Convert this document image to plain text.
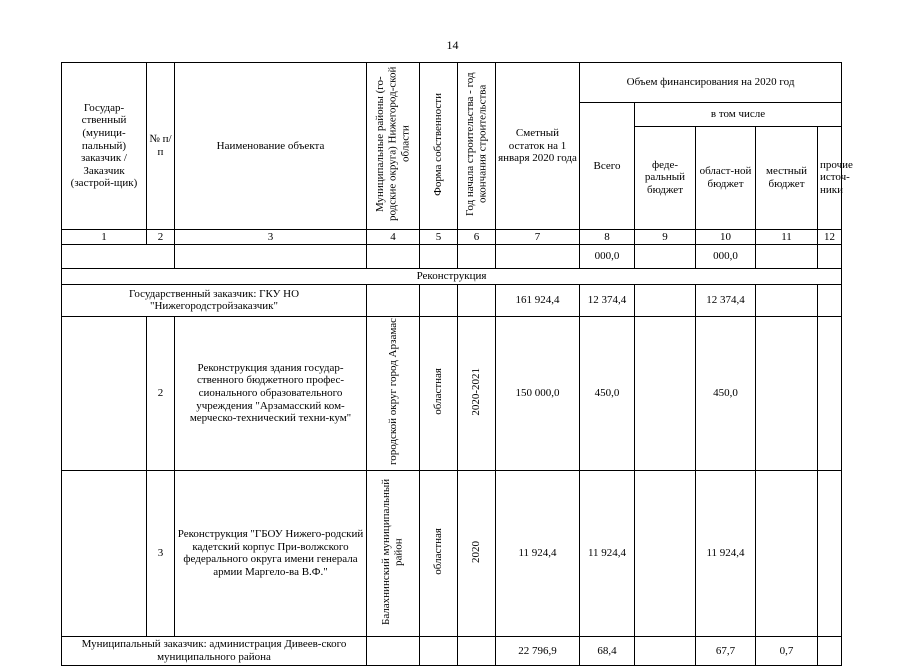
14
Государ-ственный (муници-пальный) заказчик / Заказчик (застрой-щик)	№ п/ п	Наименование объекта	Муниципальные районы (го-родские округа) Нижегород-ской области	Форма собственности	Год начала строительства - год окончания строительства	Сметный остаток на 1 января 2020 года	Объем финансирования на 2020 год				
							Всего	в том числе			
								феде-ральный бюджет	област-ной бюджет	местный бюджет	прочие источ-ники
1	2	3	4	5	6	7	8	9	10	11	12
							000,0		000,0		
Реконструкция											
Государственный заказчик: ГКУ НО "Нижегородстройзаказчик"						161 924,4	12 374,4		12 374,4		
	2	Реконструкция здания государ-ственного бюджетного профес-сионального образовательного учреждения "Арзамасский ком-мерческо-технический техни-кум"	городской округ город Арзамас	областная	2020-2021	150 000,0	450,0		450,0		
	3	Реконструкция "ГБОУ Нижего-родский кадетский корпус При-волжского федерального округа имени генерала армии Маргело-ва В.Ф."	Балахнинский муниципальный район	областная	2020	11 924,4	11 924,4		11 924,4		
Муниципальный заказчик: администрация Дивеев-ского муниципального района						22 796,9	68,4		67,7	0,7	
